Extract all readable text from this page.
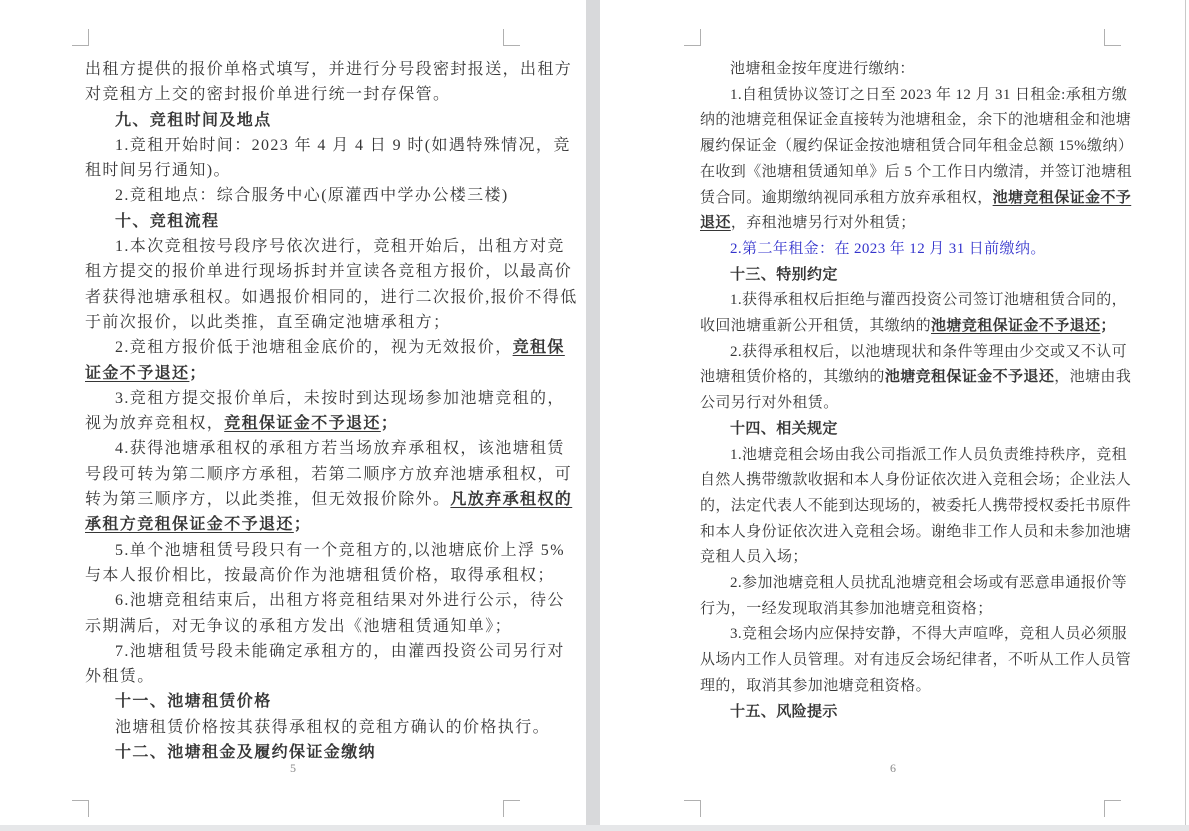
出租方提供的报价单格式填写，并进行分号段密封报送，出租方
对竞租方上交的密封报价单进行统一封存保管。
九、竞租时间及地点
1.竞租开始时间：2023 年 4 月 4 日 9 时(如遇特殊情况，竞
租时间另行通知)。
2.竞租地点：综合服务中心(原灌西中学办公楼三楼)
十、竞租流程
1.本次竞租按号段序号依次进行，竞租开始后，出租方对竞
租方提交的报价单进行现场拆封并宣读各竞租方报价，以最高价
者获得池塘承租权。如遇报价相同的，进行二次报价,报价不得低
于前次报价，以此类推，直至确定池塘承租方；
2.竞租方报价低于池塘租金底价的，视为无效报价，竞租保
证金不予退还；
3.竞租方提交报价单后，未按时到达现场参加池塘竞租的，
视为放弃竞租权，竞租保证金不予退还；
4.获得池塘承租权的承租方若当场放弃承租权，该池塘租赁
号段可转为第二顺序方承租，若第二顺序方放弃池塘承租权，可
转为第三顺序方，以此类推，但无效报价除外。凡放弃承租权的
承租方竞租保证金不予退还；
5.单个池塘租赁号段只有一个竞租方的,以池塘底价上浮 5%
与本人报价相比，按最高价作为池塘租赁价格，取得承租权；
6.池塘竞租结束后，出租方将竞租结果对外进行公示，待公
示期满后，对无争议的承租方发出《池塘租赁通知单》；
7.池塘租赁号段未能确定承租方的，由灌西投资公司另行对
外租赁。
十一、池塘租赁价格
池塘租赁价格按其获得承租权的竞租方确认的价格执行。
十二、池塘租金及履约保证金缴纳
5
池塘租金按年度进行缴纳：
1.自租赁协议签订之日至 2023 年 12 月 31 日租金:承租方缴
纳的池塘竞租保证金直接转为池塘租金，余下的池塘租金和池塘
履约保证金（履约保证金按池塘租赁合同年租金总额 15%缴纳）
在收到《池塘租赁通知单》后 5 个工作日内缴清，并签订池塘租
赁合同。逾期缴纳视同承租方放弃承租权，池塘竞租保证金不予
退还，弃租池塘另行对外租赁；
2.第二年租金：在 2023 年 12 月 31 日前缴纳。
十三、特别约定
1.获得承租权后拒绝与灌西投资公司签订池塘租赁合同的，
收回池塘重新公开租赁，其缴纳的池塘竞租保证金不予退还；
2.获得承租权后，以池塘现状和条件等理由少交或又不认可
池塘租赁价格的，其缴纳的池塘竞租保证金不予退还，池塘由我
公司另行对外租赁。
十四、相关规定
1.池塘竞租会场由我公司指派工作人员负责维持秩序，竞租
自然人携带缴款收据和本人身份证依次进入竞租会场；企业法人
的，法定代表人不能到达现场的，被委托人携带授权委托书原件
和本人身份证依次进入竞租会场。谢绝非工作人员和未参加池塘
竞租人员入场；
2.参加池塘竞租人员扰乱池塘竞租会场或有恶意串通报价等
行为，一经发现取消其参加池塘竞租资格；
3.竞租会场内应保持安静，不得大声喧哗，竞租人员必须服
从场内工作人员管理。对有违反会场纪律者，不听从工作人员管
理的，取消其参加池塘竞租资格。
十五、风险提示
6
